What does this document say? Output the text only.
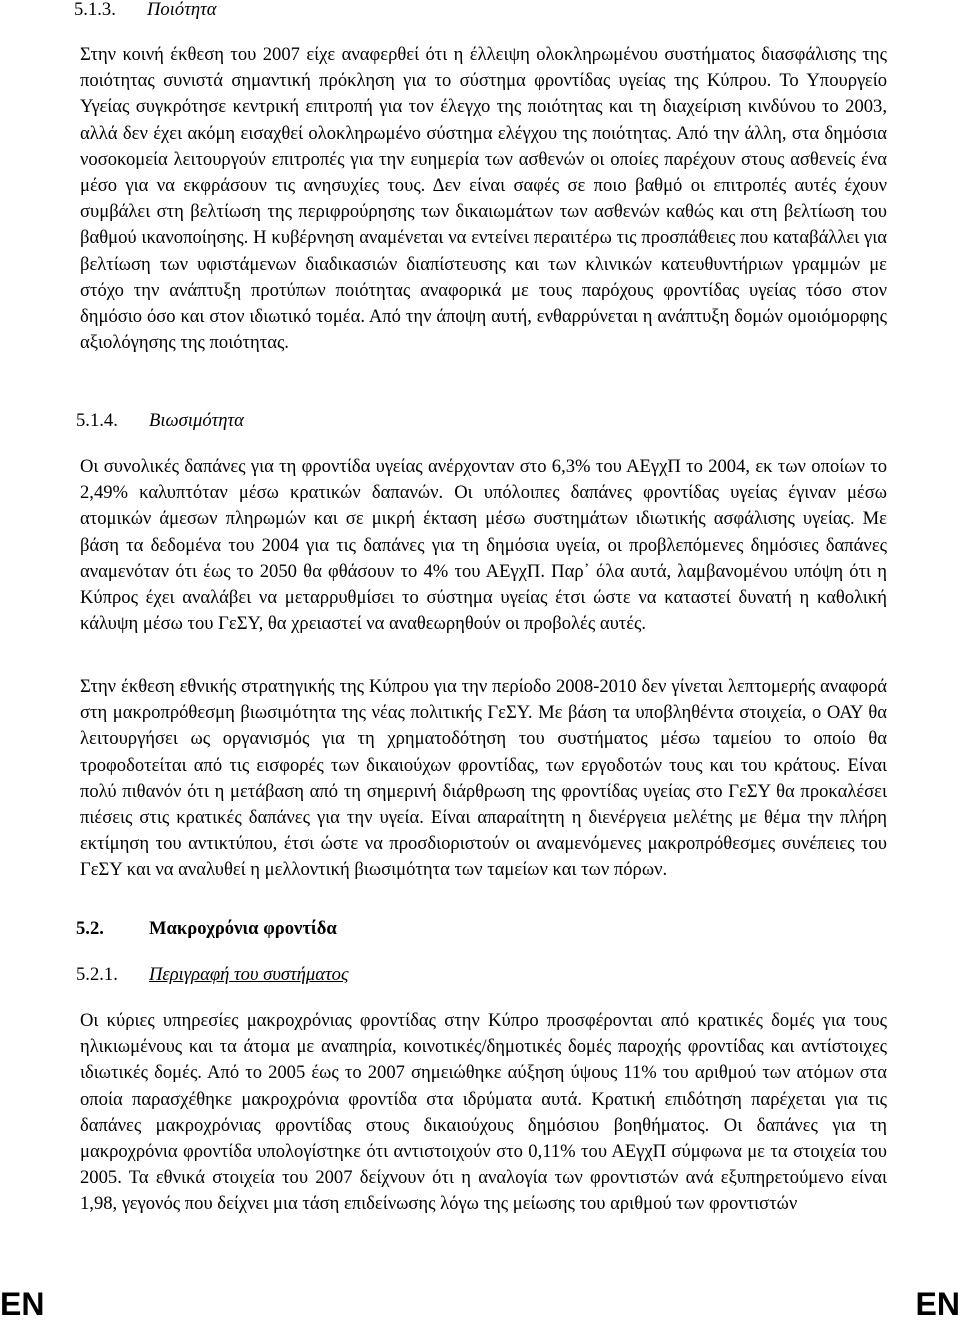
5.1.3.	Ποιότητα

Στην κοινή έκθεση του 2007 είχε αναφερθεί ότι η έλλειψη ολοκληρωμένου συστήματος διασφάλισης της ποιότητας συνιστά σημαντική πρόκληση για το σύστημα φροντίδας υγείας της Κύπρου. Το Υπουργείο Υγείας συγκρότησε κεντρική επιτροπή για τον έλεγχο της ποιότητας και τη διαχείριση κινδύνου το 2003, αλλά δεν έχει ακόμη εισαχθεί ολοκληρωμένο σύστημα ελέγχου της ποιότητας. Από την άλλη, στα δημόσια νοσοκομεία λειτουργούν επιτροπές για την ευημερία των ασθενών οι οποίες παρέχουν στους ασθενείς ένα μέσο για να εκφράσουν τις ανησυχίες τους. Δεν είναι σαφές σε ποιο βαθμό οι επιτροπές αυτές έχουν συμβάλει στη βελτίωση της περιφρούρησης των δικαιωμάτων των ασθενών καθώς και στη βελτίωση του βαθμού ικανοποίησης. Η κυβέρνηση αναμένεται να εντείνει περαιτέρω τις προσπάθειες που καταβάλλει για βελτίωση των υφιστάμενων διαδικασιών διαπίστευσης και των κλινικών κατευθυντήριων γραμμών με στόχο την ανάπτυξη προτύπων ποιότητας αναφορικά με τους παρόχους φροντίδας υγείας τόσο στον δημόσιο όσο και στον ιδιωτικό τομέα. Από την άποψη αυτή, ενθαρρύνεται η ανάπτυξη δομών ομοιόμορφης αξιολόγησης της ποιότητας.

5.1.4.	Βιωσιμότητα

Οι συνολικές δαπάνες για τη φροντίδα υγείας ανέρχονταν στο 6,3% του ΑΕγχΠ το 2004, εκ των οποίων το 2,49% καλυπτόταν μέσω κρατικών δαπανών. Οι υπόλοιπες δαπάνες φροντίδας υγείας έγιναν μέσω ατομικών άμεσων πληρωμών και σε μικρή έκταση μέσω συστημάτων ιδιωτικής ασφάλισης υγείας. Με βάση τα δεδομένα του 2004 για τις δαπάνες για τη δημόσια υγεία, οι προβλεπόμενες δημόσιες δαπάνες αναμενόταν ότι έως το 2050 θα φθάσουν το 4% του ΑΕγχΠ. Παρ᾽ όλα αυτά, λαμβανομένου υπόψη ότι η Κύπρος έχει αναλάβει να μεταρρυθμίσει το σύστημα υγείας έτσι ώστε να καταστεί δυνατή η καθολική κάλυψη μέσω του ΓεΣΥ, θα χρειαστεί να αναθεωρηθούν οι προβολές αυτές.

Στην έκθεση εθνικής στρατηγικής της Κύπρου για την περίοδο 2008-2010 δεν γίνεται λεπτομερής αναφορά στη μακροπρόθεσμη βιωσιμότητα της νέας πολιτικής ΓεΣΥ. Με βάση τα υποβληθέντα στοιχεία, ο ΟΑΥ θα λειτουργήσει ως οργανισμός για τη χρηματοδότηση του συστήματος μέσω ταμείου το οποίο θα τροφοδοτείται από τις εισφορές των δικαιούχων φροντίδας, των εργοδοτών τους και του κράτους. Είναι πολύ πιθανόν ότι η μετάβαση από τη σημερινή διάρθρωση της φροντίδας υγείας στο ΓεΣΥ θα προκαλέσει πιέσεις στις κρατικές δαπάνες για την υγεία. Είναι απαραίτητη η διενέργεια μελέτης με θέμα την πλήρη εκτίμηση του αντικτύπου, έτσι ώστε να προσδιοριστούν οι αναμενόμενες μακροπρόθεσμες συνέπειες του ΓεΣΥ και να αναλυθεί η μελλοντική βιωσιμότητα των ταμείων και των πόρων.

5.2.	Μακροχρόνια φροντίδα
5.2.1.	Περιγραφή του συστήματος

Οι κύριες υπηρεσίες μακροχρόνιας φροντίδας στην Κύπρο προσφέρονται από κρατικές δομές για τους ηλικιωμένους και τα άτομα με αναπηρία, κοινοτικές/δημοτικές δομές παροχής φροντίδας και αντίστοιχες ιδιωτικές δομές. Από το 2005 έως το 2007 σημειώθηκε αύξηση ύψους 11% του αριθμού των ατόμων στα οποία παρασχέθηκε μακροχρόνια φροντίδα στα ιδρύματα αυτά. Κρατική επιδότηση παρέχεται για τις δαπάνες μακροχρόνιας φροντίδας στους δικαιούχους δημόσιου βοηθήματος. Οι δαπάνες για τη μακροχρόνια φροντίδα υπολογίστηκε ότι αντιστοιχούν στο 0,11% του ΑΕγχΠ σύμφωνα με τα στοιχεία του 2005. Τα εθνικά στοιχεία του 2007 δείχνουν ότι η αναλογία των φροντιστών ανά εξυπηρετούμενο είναι 1,98, γεγονός που δείχνει μια τάση επιδείνωσης λόγω της μείωσης του αριθμού των φροντιστών

EN	EN
